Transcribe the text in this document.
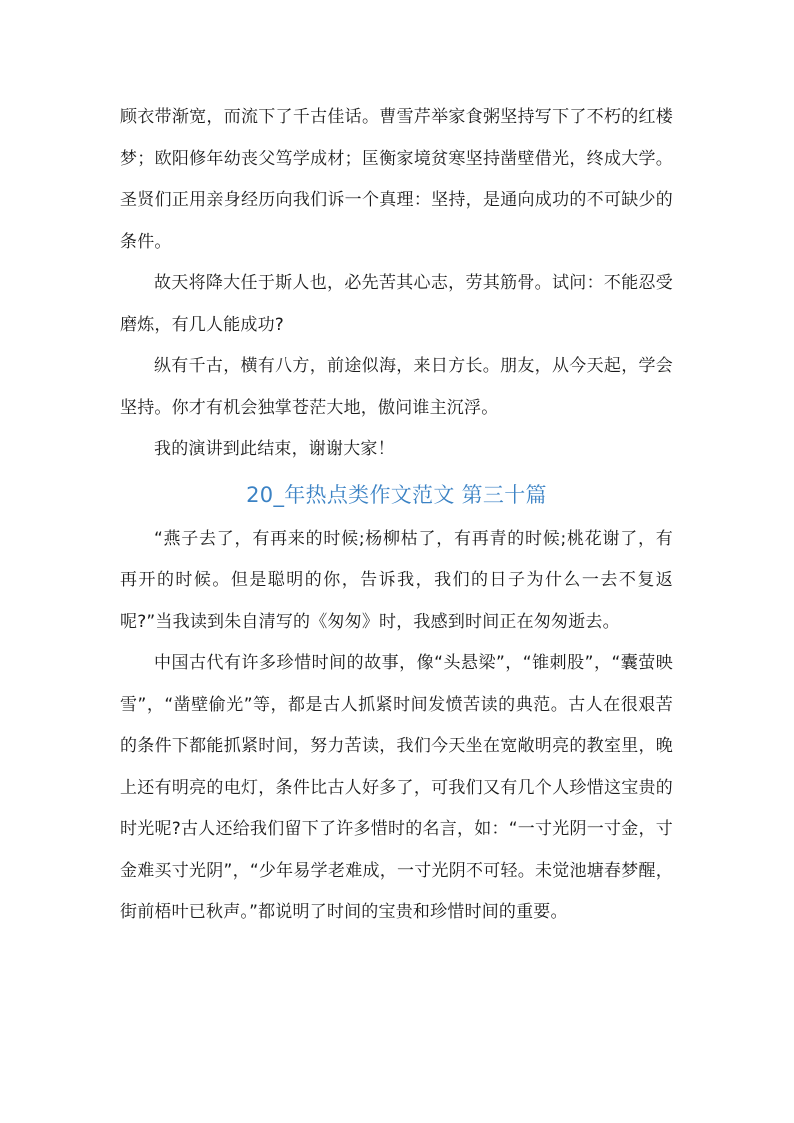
顾衣带渐宽，而流下了千古佳话。曹雪芹举家食粥坚持写下了不朽的红楼梦；欧阳修年幼丧父笃学成材；匡衡家境贫寒坚持凿壁借光，终成大学。圣贤们正用亲身经历向我们诉一个真理：坚持，是通向成功的不可缺少的条件。

故天将降大任于斯人也，必先苦其心志，劳其筋骨。试问：不能忍受磨炼，有几人能成功?

纵有千古，横有八方，前途似海，来日方长。朋友，从今天起，学会坚持。你才有机会独掌苍茫大地，傲问谁主沉浮。

我的演讲到此结束，谢谢大家！

20_年热点类作文范文 第三十篇

“燕子去了，有再来的时候;杨柳枯了，有再青的时候;桃花谢了，有再开的时候。但是聪明的你，告诉我，我们的日子为什么一去不复返呢?”当我读到朱自清写的《匆匆》时，我感到时间正在匆匆逝去。

中国古代有许多珍惜时间的故事，像“头悬梁”，“锥刺股”，“囊萤映雪”，“凿壁偷光”等，都是古人抓紧时间发愤苦读的典范。古人在很艰苦的条件下都能抓紧时间，努力苦读，我们今天坐在宽敞明亮的教室里，晚上还有明亮的电灯，条件比古人好多了，可我们又有几个人珍惜这宝贵的时光呢?古人还给我们留下了许多惜时的名言，如：“一寸光阴一寸金，寸金难买寸光阴”，“少年易学老难成，一寸光阴不可轻。未觉池塘春梦醒，街前梧叶已秋声。”都说明了时间的宝贵和珍惜时间的重要。
